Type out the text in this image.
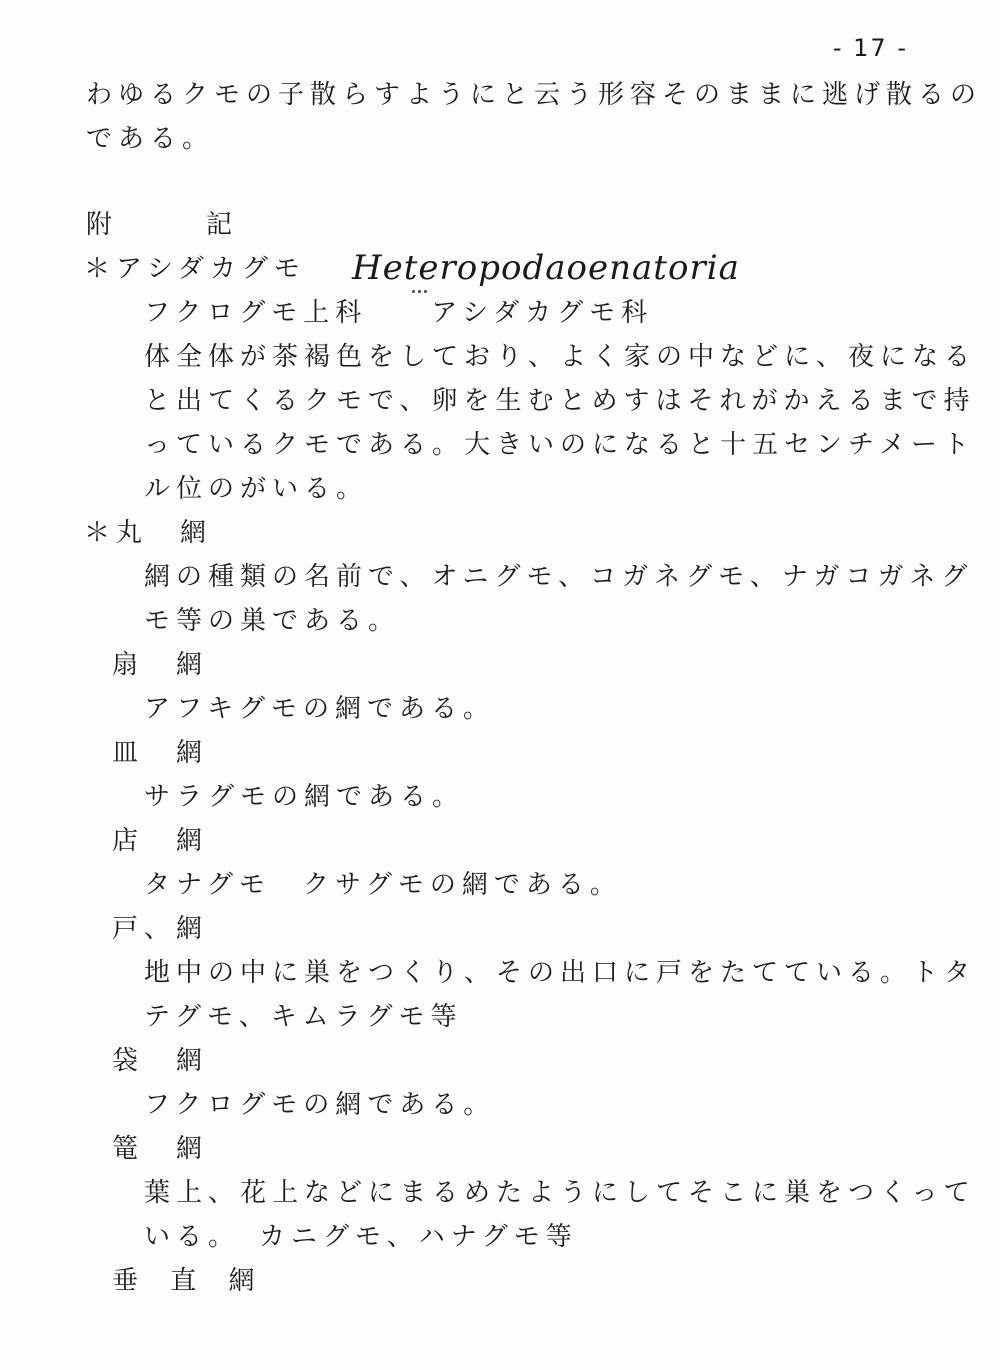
- 17 -
わゆるクモの子散らすようにと云う形容そのままに逃げ散るの
である。
附　　記
＊アシダカグモ Heteropodaoenatoria
フクログモ上科　　アシダカグモ科
体全体が茶褐色をしており、よく家の中などに、夜になる
と出てくるクモで、卵を生むとめすはそれがかえるまで持
っているクモである。大きいのになると十五センチメート
ル位のがいる。
＊丸　網
網の種類の名前で、オニグモ、コガネグモ、ナガコガネグ
モ等の巣である。
扇　網
アフキグモの網である。
皿　網
サラグモの網である。
店　網
タナグモ　クサグモの網である。
戸、網
地中の中に巣をつくり、その出口に戸をたてている。トタ
テグモ、キムラグモ等
袋　網
フクログモの網である。
篭　網
葉上、花上などにまるめたようにしてそこに巣をつくって
いる。　カニグモ、ハナグモ等
垂 直 網
